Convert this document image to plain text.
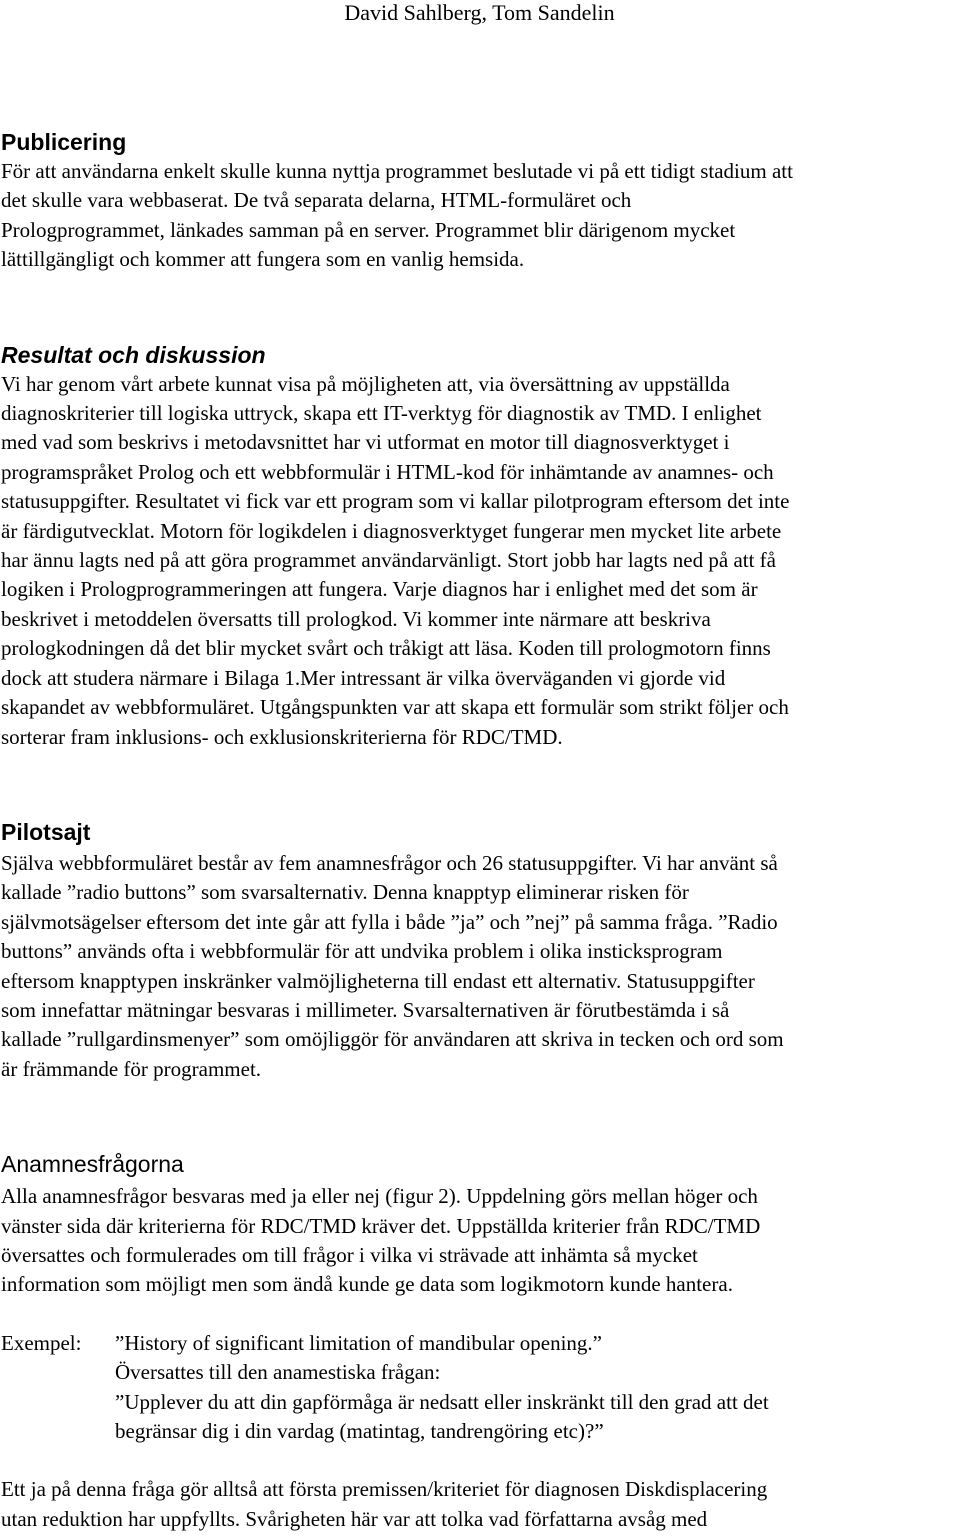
David Sahlberg, Tom Sandelin
Publicering

För att användarna enkelt skulle kunna nyttja programmet beslutade vi på ett tidigt stadium att
det skulle vara webbaserat. De två separata delarna, HTML-formuläret och
Prologprogrammet, länkades samman på en server. Programmet blir därigenom mycket
lättillgängligt och kommer att fungera som en vanlig hemsida.

Resultat och diskussion

Vi har genom vårt arbete kunnat visa på möjligheten att, via översättning av uppställda
diagnoskriterier till logiska uttryck, skapa ett IT-verktyg för diagnostik av TMD. I enlighet
med vad som beskrivs i metodavsnittet har vi utformat en motor till diagnosverktyget i
programspråket Prolog och ett webbformulär i HTML-kod för inhämtande av anamnes- och
statusuppgifter. Resultatet vi fick var ett program som vi kallar pilotprogram eftersom det inte
är färdigutvecklat. Motorn för logikdelen i diagnosverktyget fungerar men mycket lite arbete
har ännu lagts ned på att göra programmet användarvänligt. Stort jobb har lagts ned på att få
logiken i Prologprogrammeringen att fungera. Varje diagnos har i enlighet med det som är
beskrivet i metoddelen översatts till prologkod. Vi kommer inte närmare att beskriva
prologkodningen då det blir mycket svårt och tråkigt att läsa. Koden till prologmotorn finns
dock att studera närmare i Bilaga 1.Mer intressant är vilka överväganden vi gjorde vid
skapandet av webbformuläret. Utgångspunkten var att skapa ett formulär som strikt följer och
sorterar fram inklusions- och exklusionskriterierna för RDC/TMD.

Pilotsajt

Själva webbformuläret består av fem anamnesfrågor och 26 statusuppgifter. Vi har använt så
kallade ”radio buttons” som svarsalternativ. Denna knapptyp eliminerar risken för
självmotsägelser eftersom det inte går att fylla i både ”ja” och ”nej” på samma fråga. ”Radio
buttons” används ofta i webbformulär för att undvika problem i olika insticksprogram
eftersom knapptypen inskränker valmöjligheterna till endast ett alternativ. Statusuppgifter
som innefattar mätningar besvaras i millimeter. Svarsalternativen är förutbestämda i så
kallade ”rullgardinsmenyer” som omöjliggör för användaren att skriva in tecken och ord som
är främmande för programmet.

Anamnesfrågorna

Alla anamnesfrågor besvaras med ja eller nej (figur 2). Uppdelning görs mellan höger och
vänster sida där kriterierna för RDC/TMD kräver det. Uppställda kriterier från RDC/TMD
översattes och formulerades om till frågor i vilka vi strävade att inhämta så mycket
information som möjligt men som ändå kunde ge data som logikmotorn kunde hantera.

Exempel:	”History of significant limitation of mandibular opening.”
Översattes till den anamestiska frågan:
”Upplever du att din gapförmåga är nedsatt eller inskränkt till den grad att det
begränsar dig i din vardag (matintag, tandrengöring etc)?”

Ett ja på denna fråga gör alltså att första premissen/kriteriet för diagnosen Diskdisplacering
utan reduktion har uppfyllts. Svårigheten här var att tolka vad författarna avsåg med
